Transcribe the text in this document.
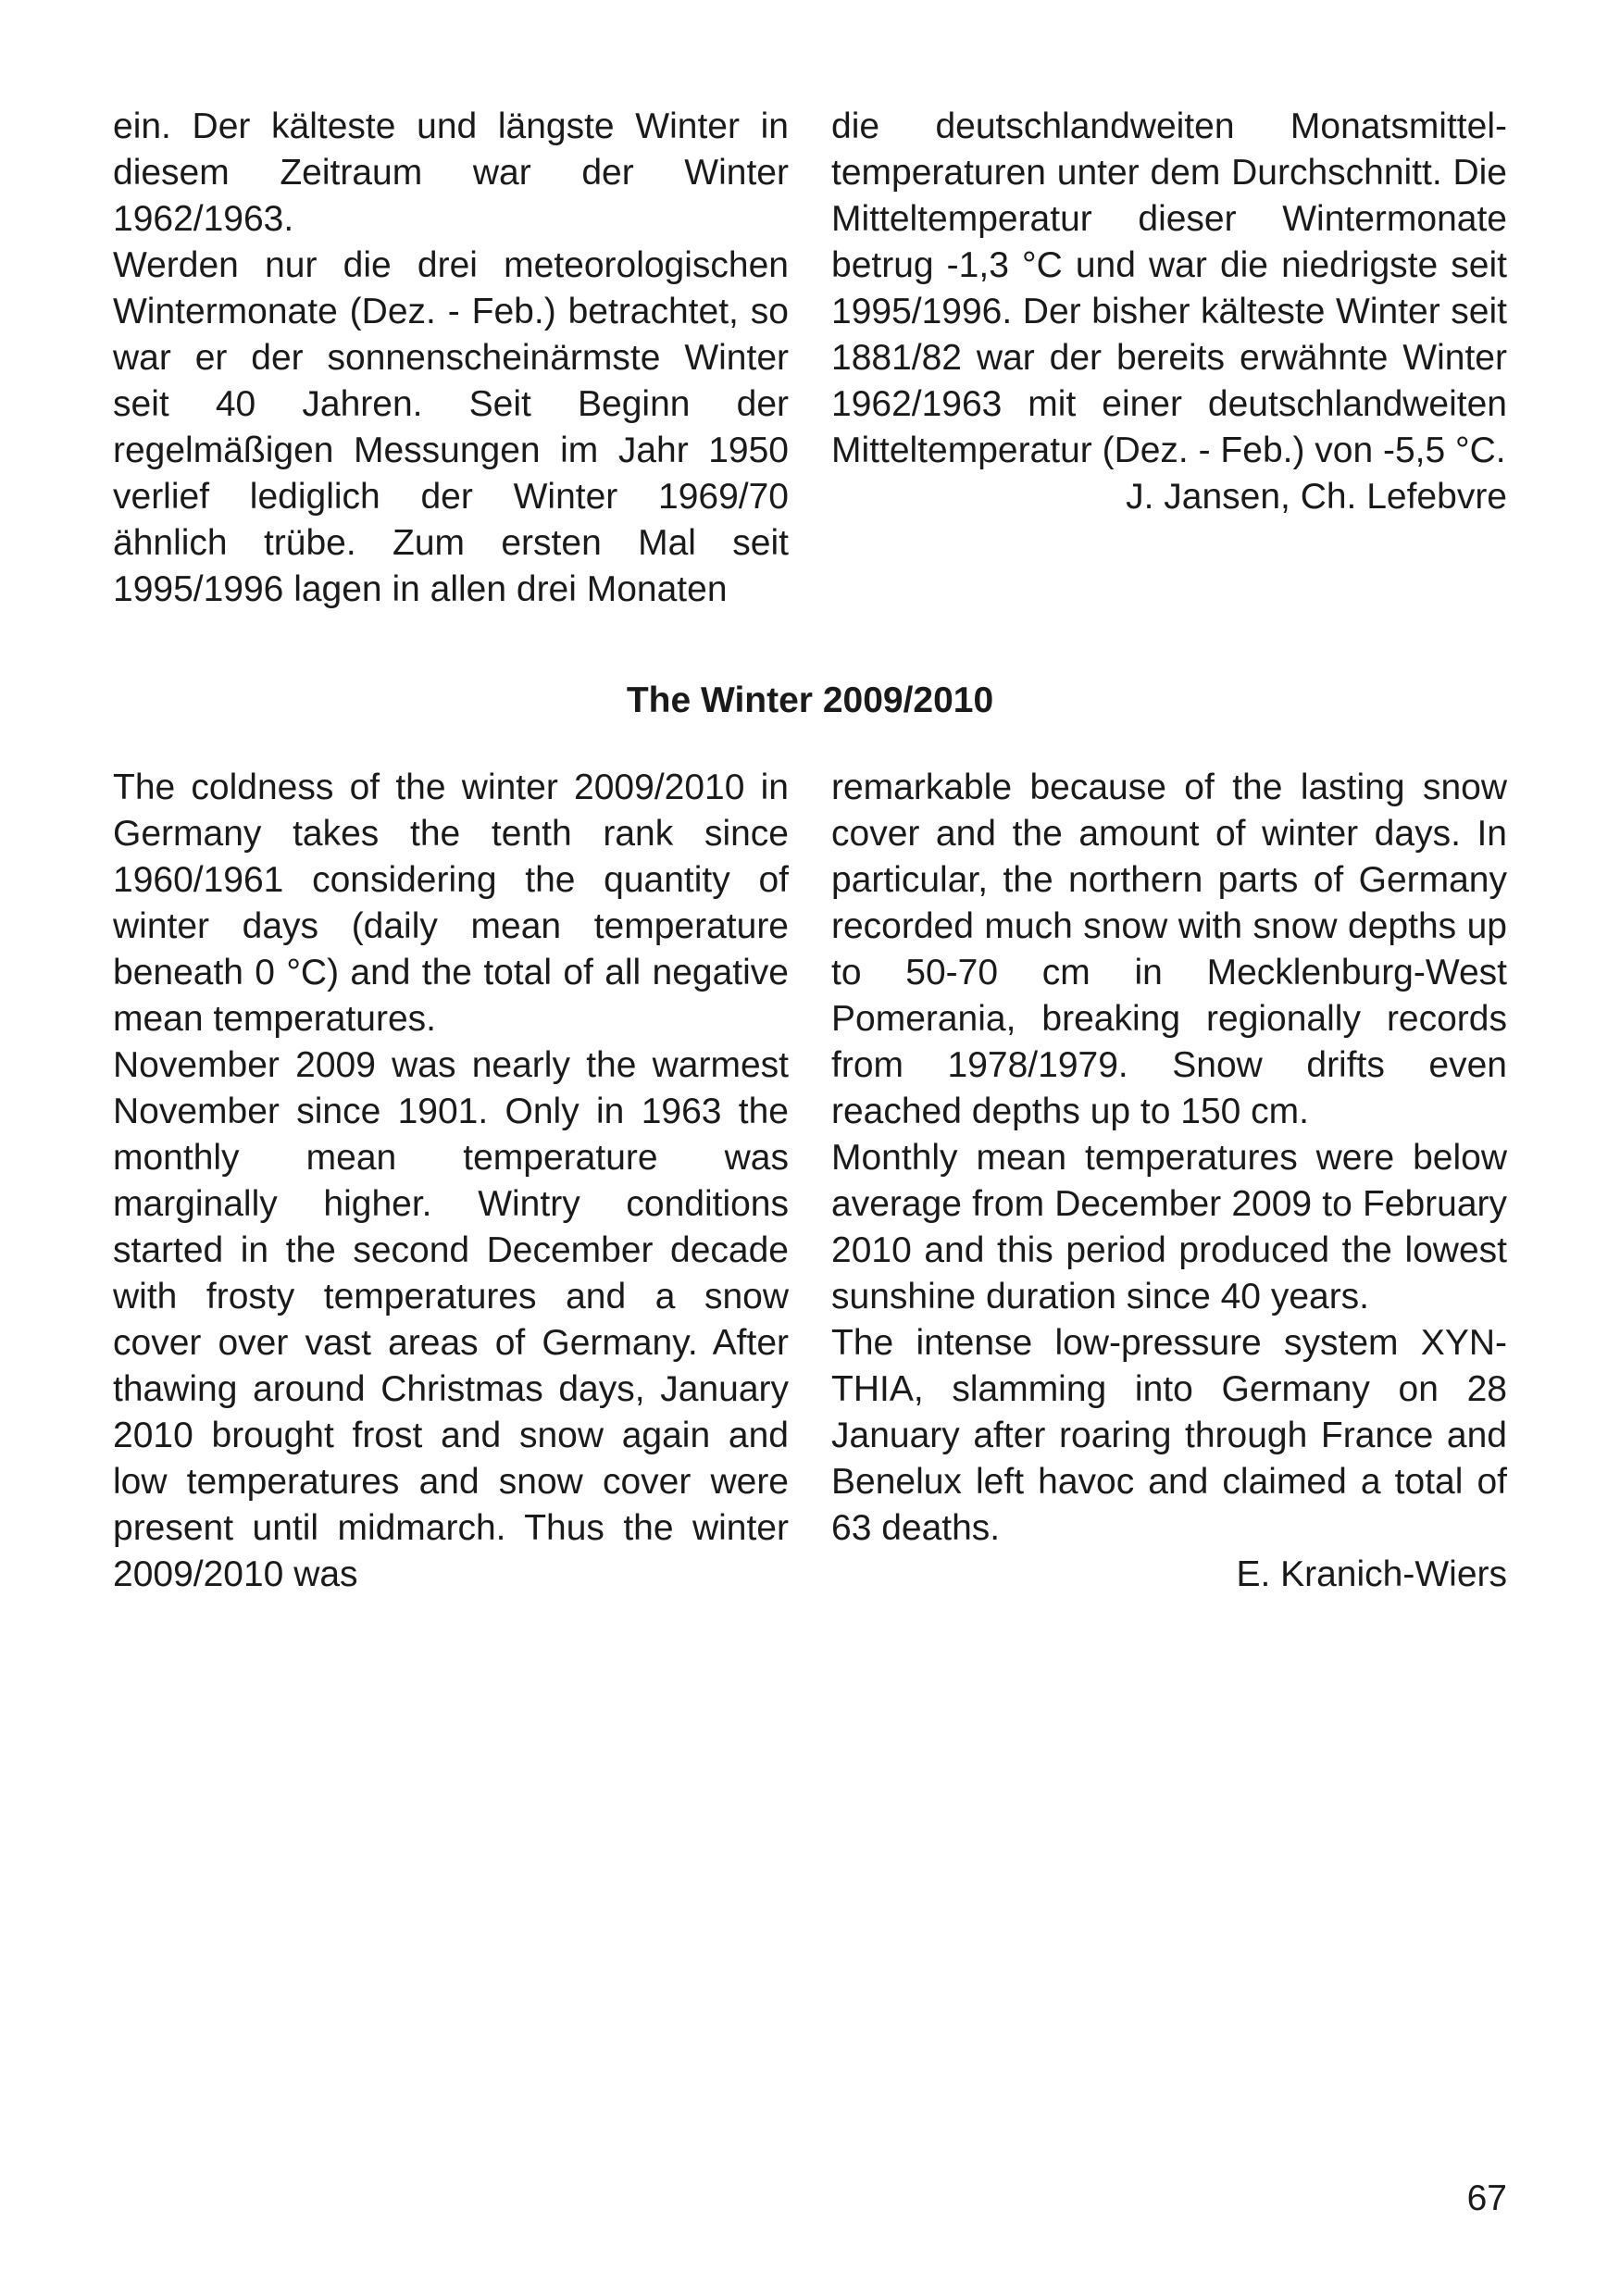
ein. Der kälteste und längste Winter in diesem Zeitraum war der Winter 1962/1963.

Werden nur die drei meteorologischen Wintermonate (Dez. - Feb.) betrachtet, so war er der sonnenscheinärmste Winter seit 40 Jahren. Seit Beginn der regelmäßigen Messungen im Jahr 1950 verlief lediglich der Winter 1969/70 ähnlich trübe. Zum ersten Mal seit 1995/1996 lagen in allen drei Monaten

die deutschlandweiten Monatsmitteltemperaturen unter dem Durchschnitt. Die Mitteltemperatur dieser Wintermonate betrug -1,3 °C und war die niedrigste seit 1995/1996. Der bisher kälteste Winter seit 1881/82 war der bereits erwähnte Winter 1962/1963 mit einer deutschlandweiten Mitteltemperatur (Dez. - Feb.) von -5,5 °C.

J. Jansen, Ch. Lefebvre

The Winter 2009/2010

The coldness of the winter 2009/2010 in Germany takes the tenth rank since 1960/1961 considering the quantity of winter days (daily mean temperature beneath 0 °C) and the total of all negative mean temperatures.

November 2009 was nearly the warmest November since 1901. Only in 1963 the monthly mean temperature was marginally higher. Wintry conditions started in the second December decade with frosty temperatures and a snow cover over vast areas of Germany. After thawing around Christmas days, January 2010 brought frost and snow again and low temperatures and snow cover were present until midmarch. Thus the winter 2009/2010 was

remarkable because of the lasting snow cover and the amount of winter days. In particular, the northern parts of Germany recorded much snow with snow depths up to 50-70 cm in Mecklenburg-West Pomerania, breaking regionally records from 1978/1979. Snow drifts even reached depths up to 150 cm.

Monthly mean temperatures were below average from December 2009 to February 2010 and this period produced the lowest sunshine duration since 40 years.

The intense low-pressure system XYNTHIA, slamming into Germany on 28 January after roaring through France and Benelux left havoc and claimed a total of 63 deaths.

E. Kranich-Wiers

67
